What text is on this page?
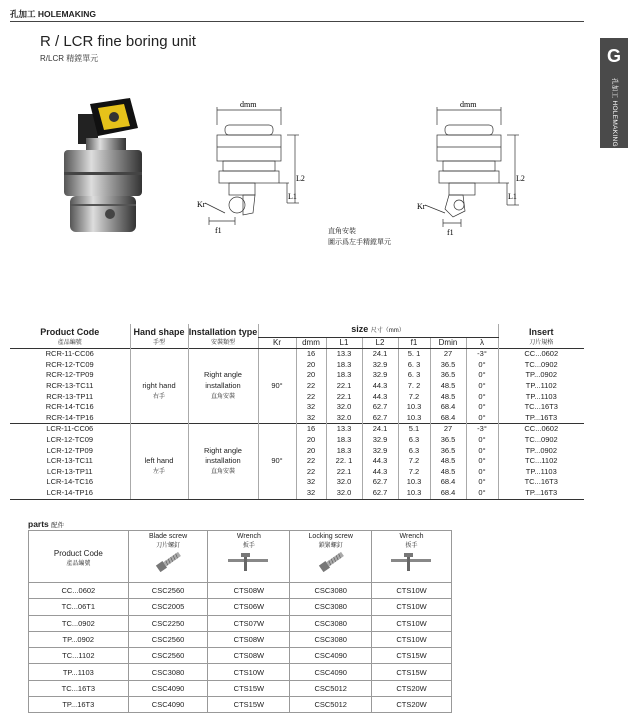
孔加工 HOLEMAKING
R / LCR fine boring unit
R/LCR 精鏜單元	G
孔加工 HOLEMAKING
dmm
L2
L1
Kr
f1	直角安裝
圖示爲左手精鏜單元
dmm
L2
L1
Kr
f1
Product Code
產品編號	Hand shape
手型	Installation type
安裝類型	size 尺寸（mm）							Insert
刀片規格

			Kr	dmm	L1	L2	f1	Dmin	λ	
RCR-11-CC06				16	13.3	24.1	5. 1	27	-3°	CC...0602
RCR-12-TC09				20	18.3	32.9	6. 3	36.5	0°	TC...0902
RCR-12-TP09		Right angle		20	18.3	32.9	6. 3	36.5	0°	TP...0902
RCR-13-TC11	right hand	installation	90°	22	22.1	44.3	7. 2	48.5	0°	TP...1102
RCR-13-TP11	右手	直角安裝		22	22.1	44.3	7.2	48.5	0°	TP...1103
RCR-14-TC16				32	32.0	62.7	10.3	68.4	0°	TC...16T3
RCR-14-TP16				32	32.0	62.7	10.3	68.4	0°	TP...16T3
LCR-11-CC06				16	13.3	24.1	5.1	27	-3°	CC...0602
LCR-12-TC09				20	18.3	32.9	6.3	36.5	0°	TC...0902
LCR-12-TP09		Right angle		20	18.3	32.9	6.3	36.5	0°	TP...0902
LCR-13-TC11	left hand	installation	90°	22	22. 1	44.3	7.2	48.5	0°	TC...1102
LCR-13-TP11	左手	直角安裝		22	22.1	44.3	7.2	48.5	0°	TP...1103
LCR-14-TC16				32	32.0	62.7	10.3	68.4	0°	TC...16T3
LCR-14-TP16				32	32.0	62.7	10.3	68.4	0°	TP...16T3
parts 配件
Product Code
產品編號	Blade screw
刀片螺釘	Wrench
扳手	Locking screw
鎖緊螺釘	Wrench
扳手

CC...0602	CSC2560	CTS08W	CSC3080	CTS10W
TC...06T1	CSC2005	CTS06W	CSC3080	CTS10W
TC...0902	CSC2250	CTS07W	CSC3080	CTS10W
TP...0902	CSC2560	CTS08W	CSC3080	CTS10W
TC...1102	CSC2560	CTS08W	CSC4090	CTS15W
TP...1103	CSC3080	CTS10W	CSC4090	CTS15W
TC...16T3	CSC4090	CTS15W	CSC5012	CTS20W
TP...16T3	CSC4090	CTS15W	CSC5012	CTS20W
